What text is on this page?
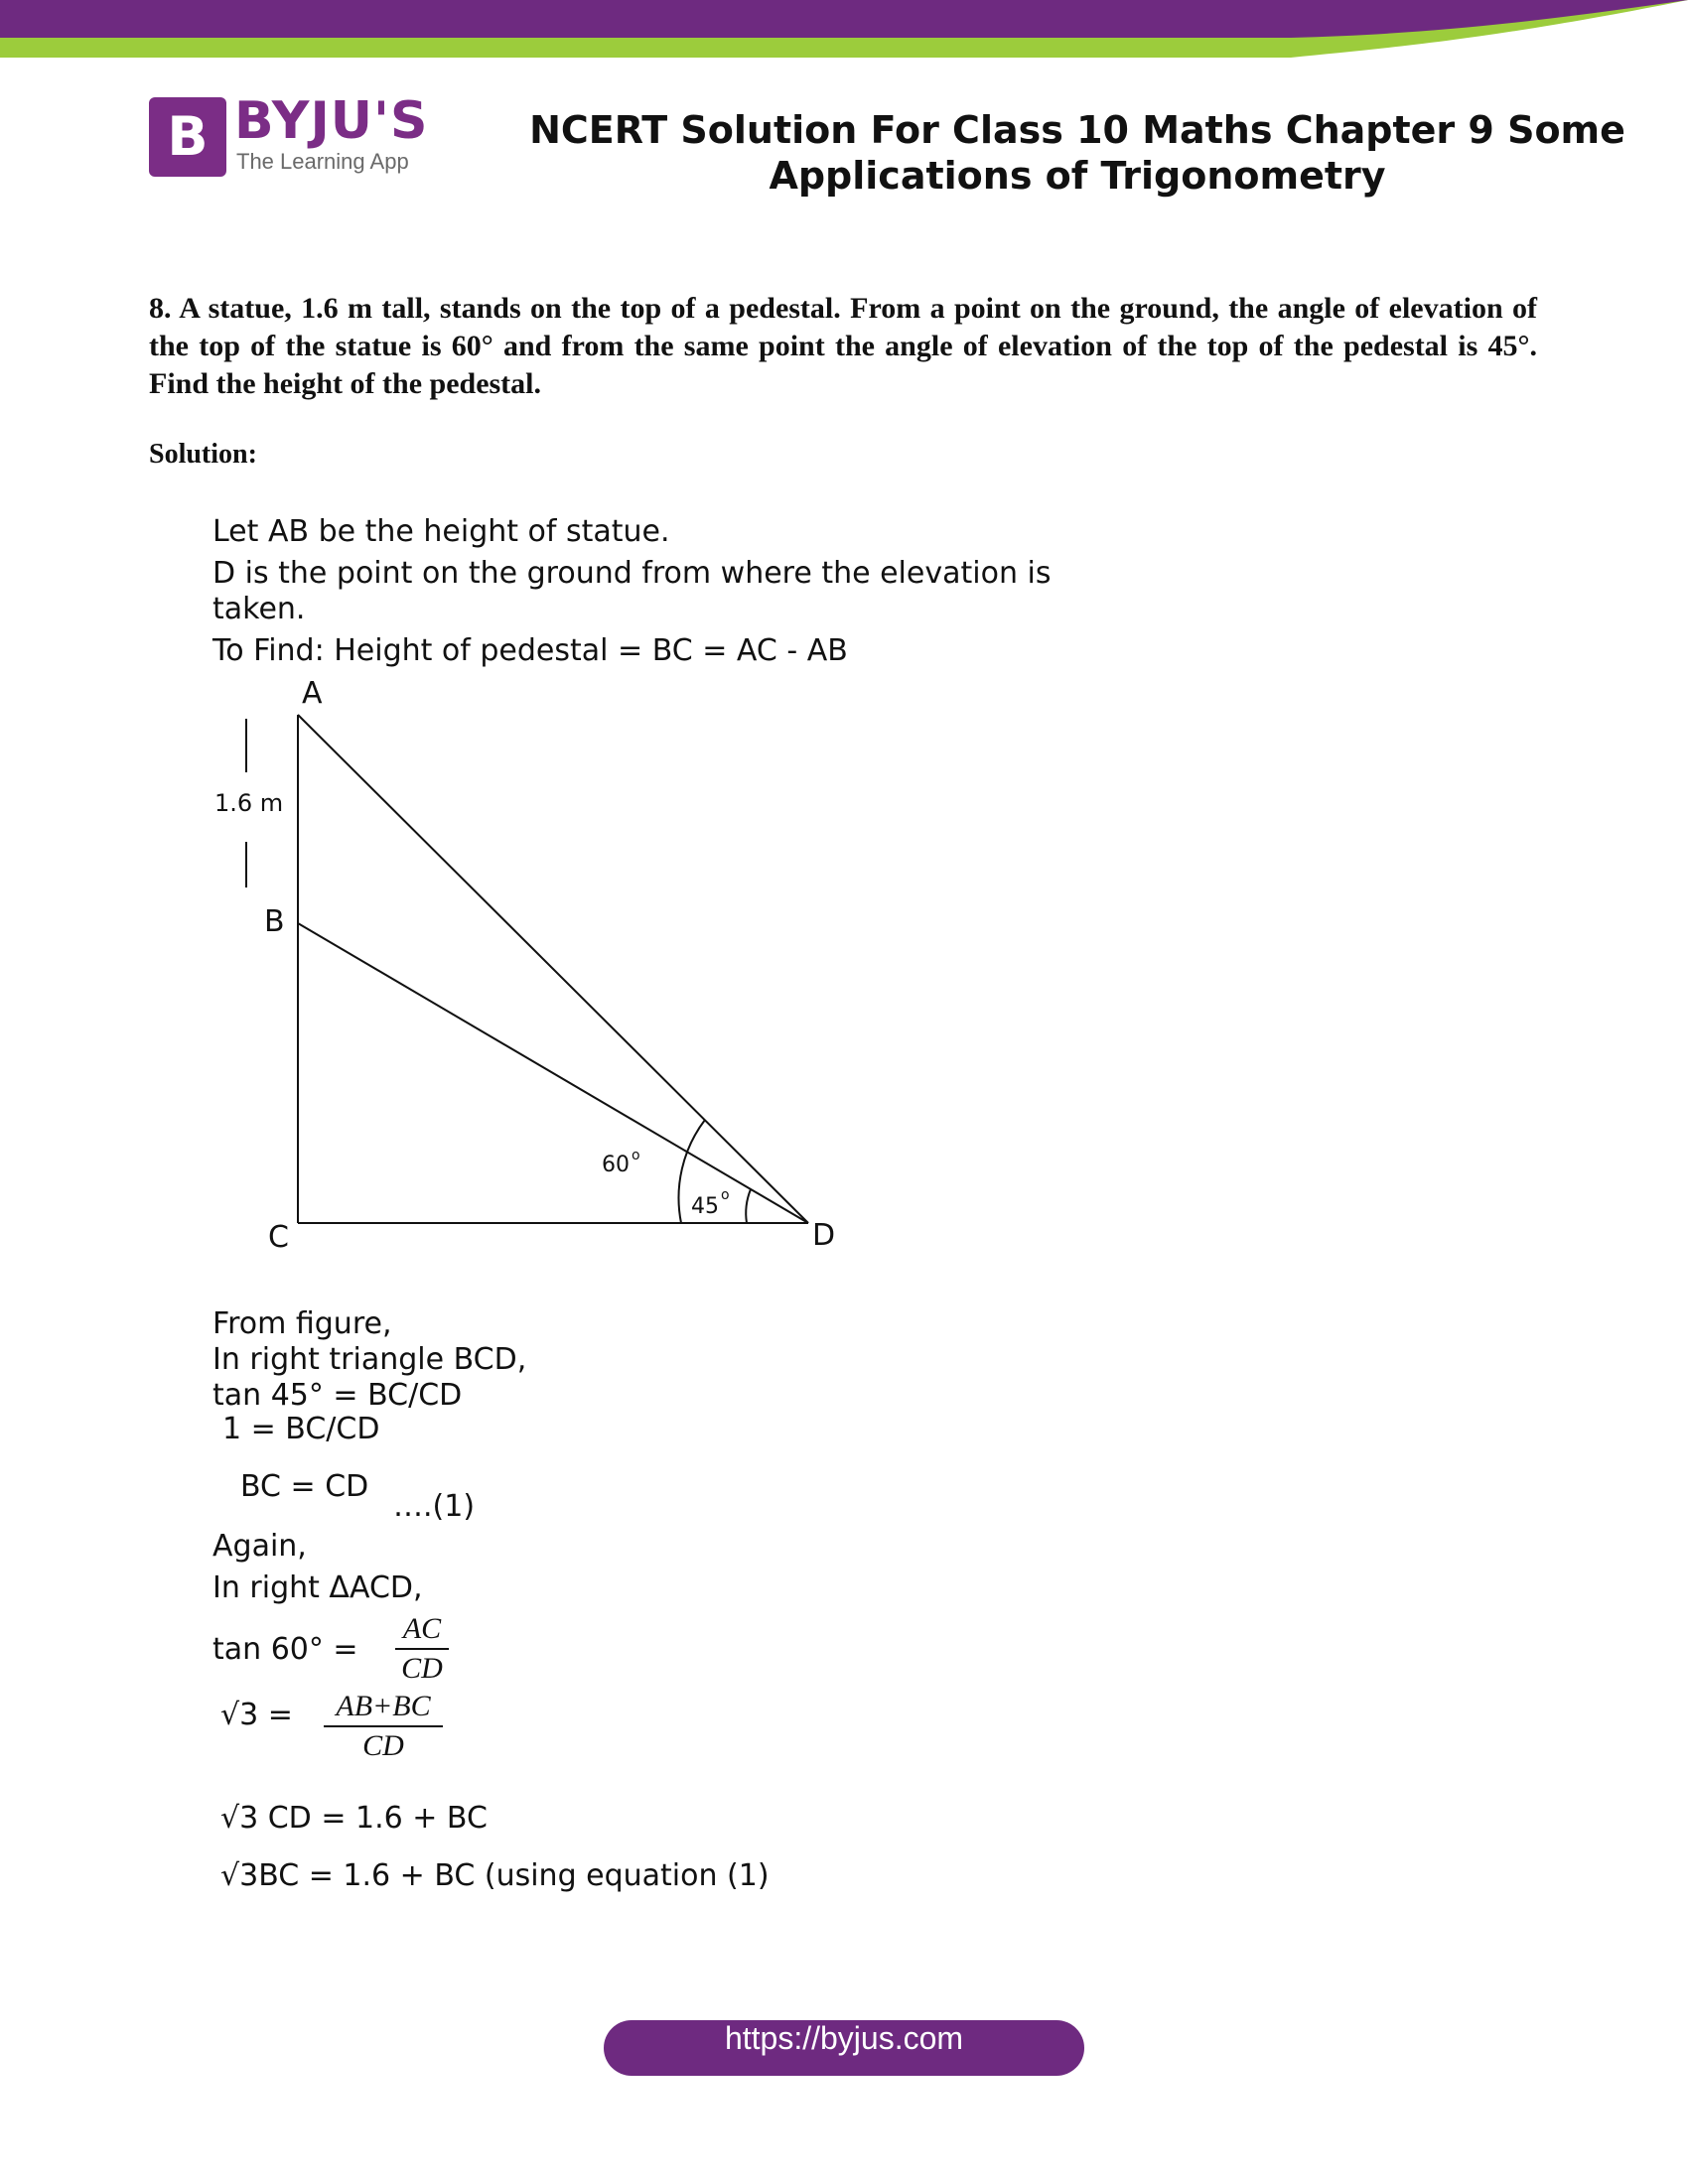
B BYJU'S
The Learning App
NCERT Solution For Class 10 Maths Chapter 9 Some
Applications of Trigonometry
8. A statue, 1.6 m tall, stands on the top of a pedestal. From a point on the ground, the angle of elevation of the top of the statue is 60° and from the same point the angle of elevation of the top of the pedestal is 45°. Find the height of the pedestal.
Solution:
Let AB be the height of statue.
D is the point on the ground from where the elevation is
taken.
To Find: Height of pedestal = BC = AC - AB
A
B
C	D
1.6 m
60 o
45 o
From figure,
In right triangle BCD,
tan 45° = BC/CD
1 = BC/CD
BC = CD
….(1)
Again,
In right ΔACD,
tan 60° =
AC
CD
√3 =	AB+BC
CD
√3 CD = 1.6 + BC
√3BC = 1.6 + BC (using equation (1)
https://byjus.com
